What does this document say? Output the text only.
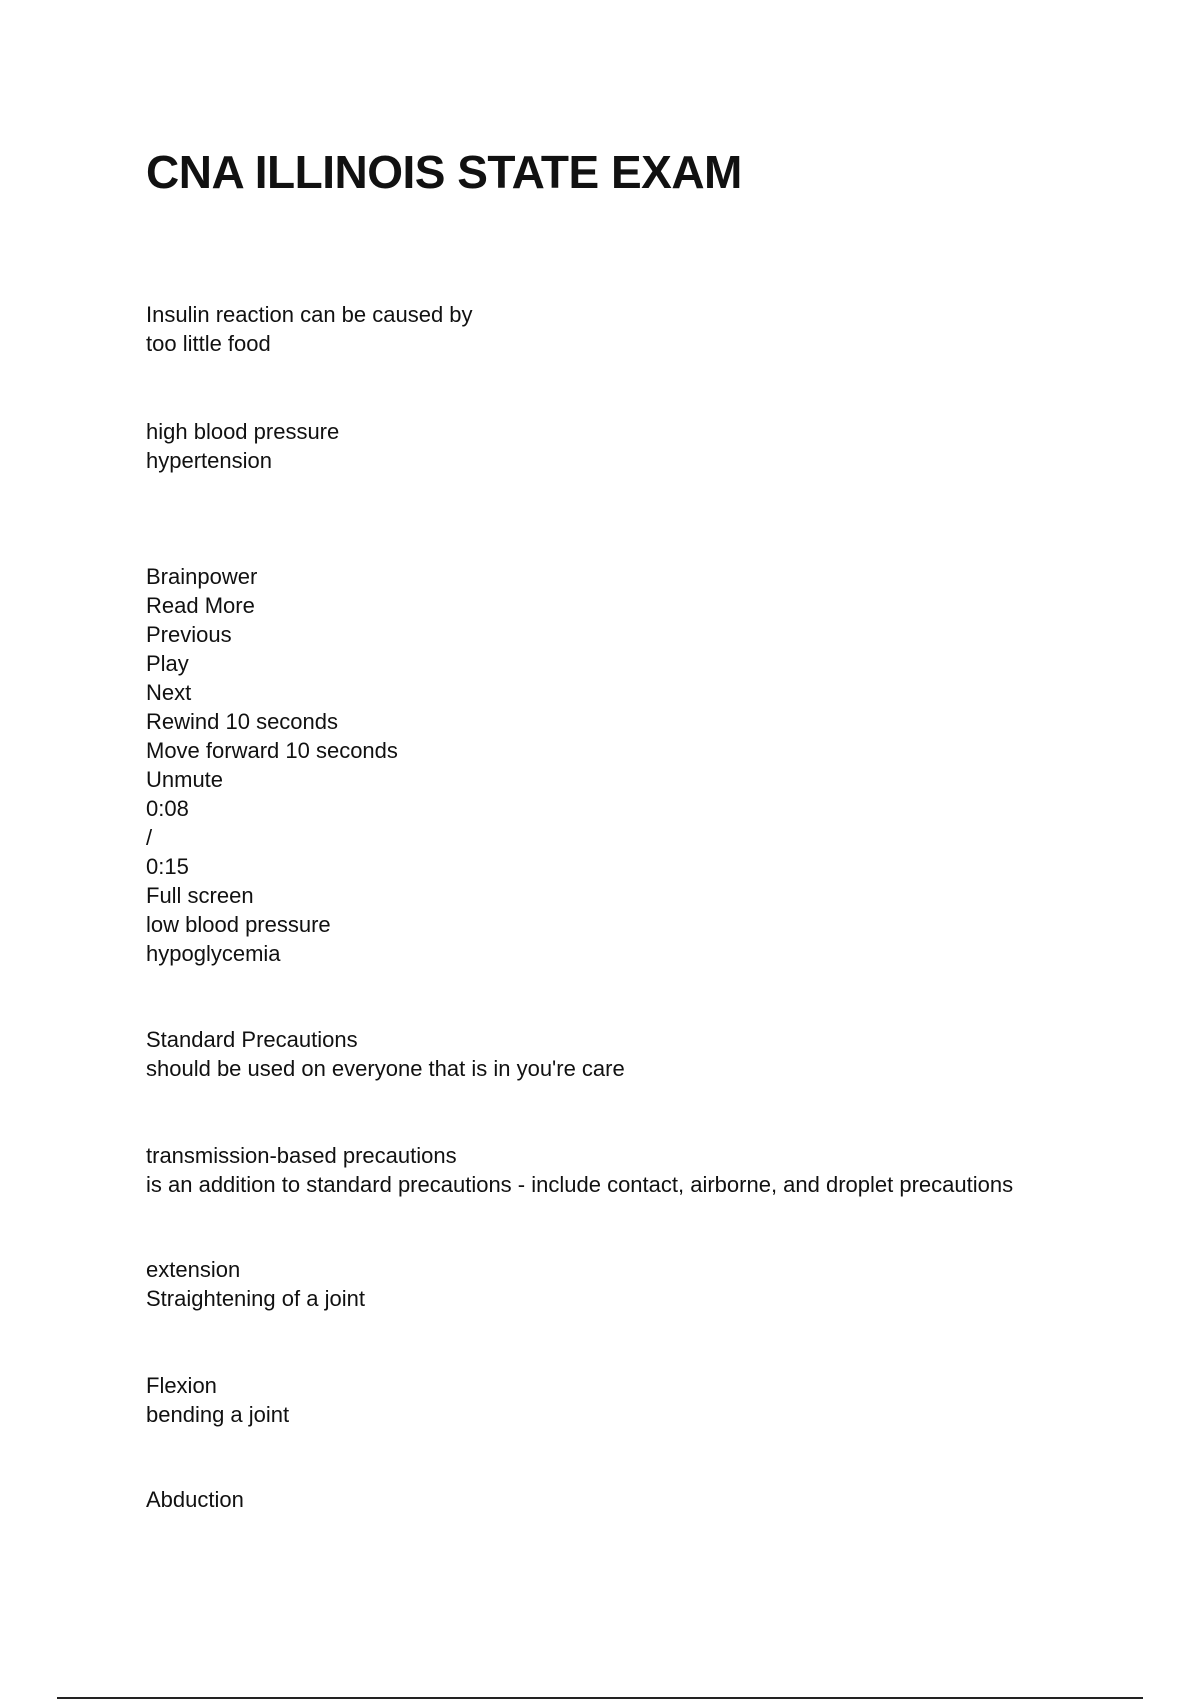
CNA ILLINOIS STATE EXAM
Insulin reaction can be caused by
too little food
high blood pressure
hypertension
Brainpower
Read More
Previous
Play
Next
Rewind 10 seconds
Move forward 10 seconds
Unmute
0:08
/
0:15
Full screen
low blood pressure
hypoglycemia
Standard Precautions
should be used on everyone that is in you're care
transmission-based precautions
is an addition to standard precautions - include contact, airborne, and droplet precautions
extension
Straightening of a joint
Flexion
bending a joint
Abduction
